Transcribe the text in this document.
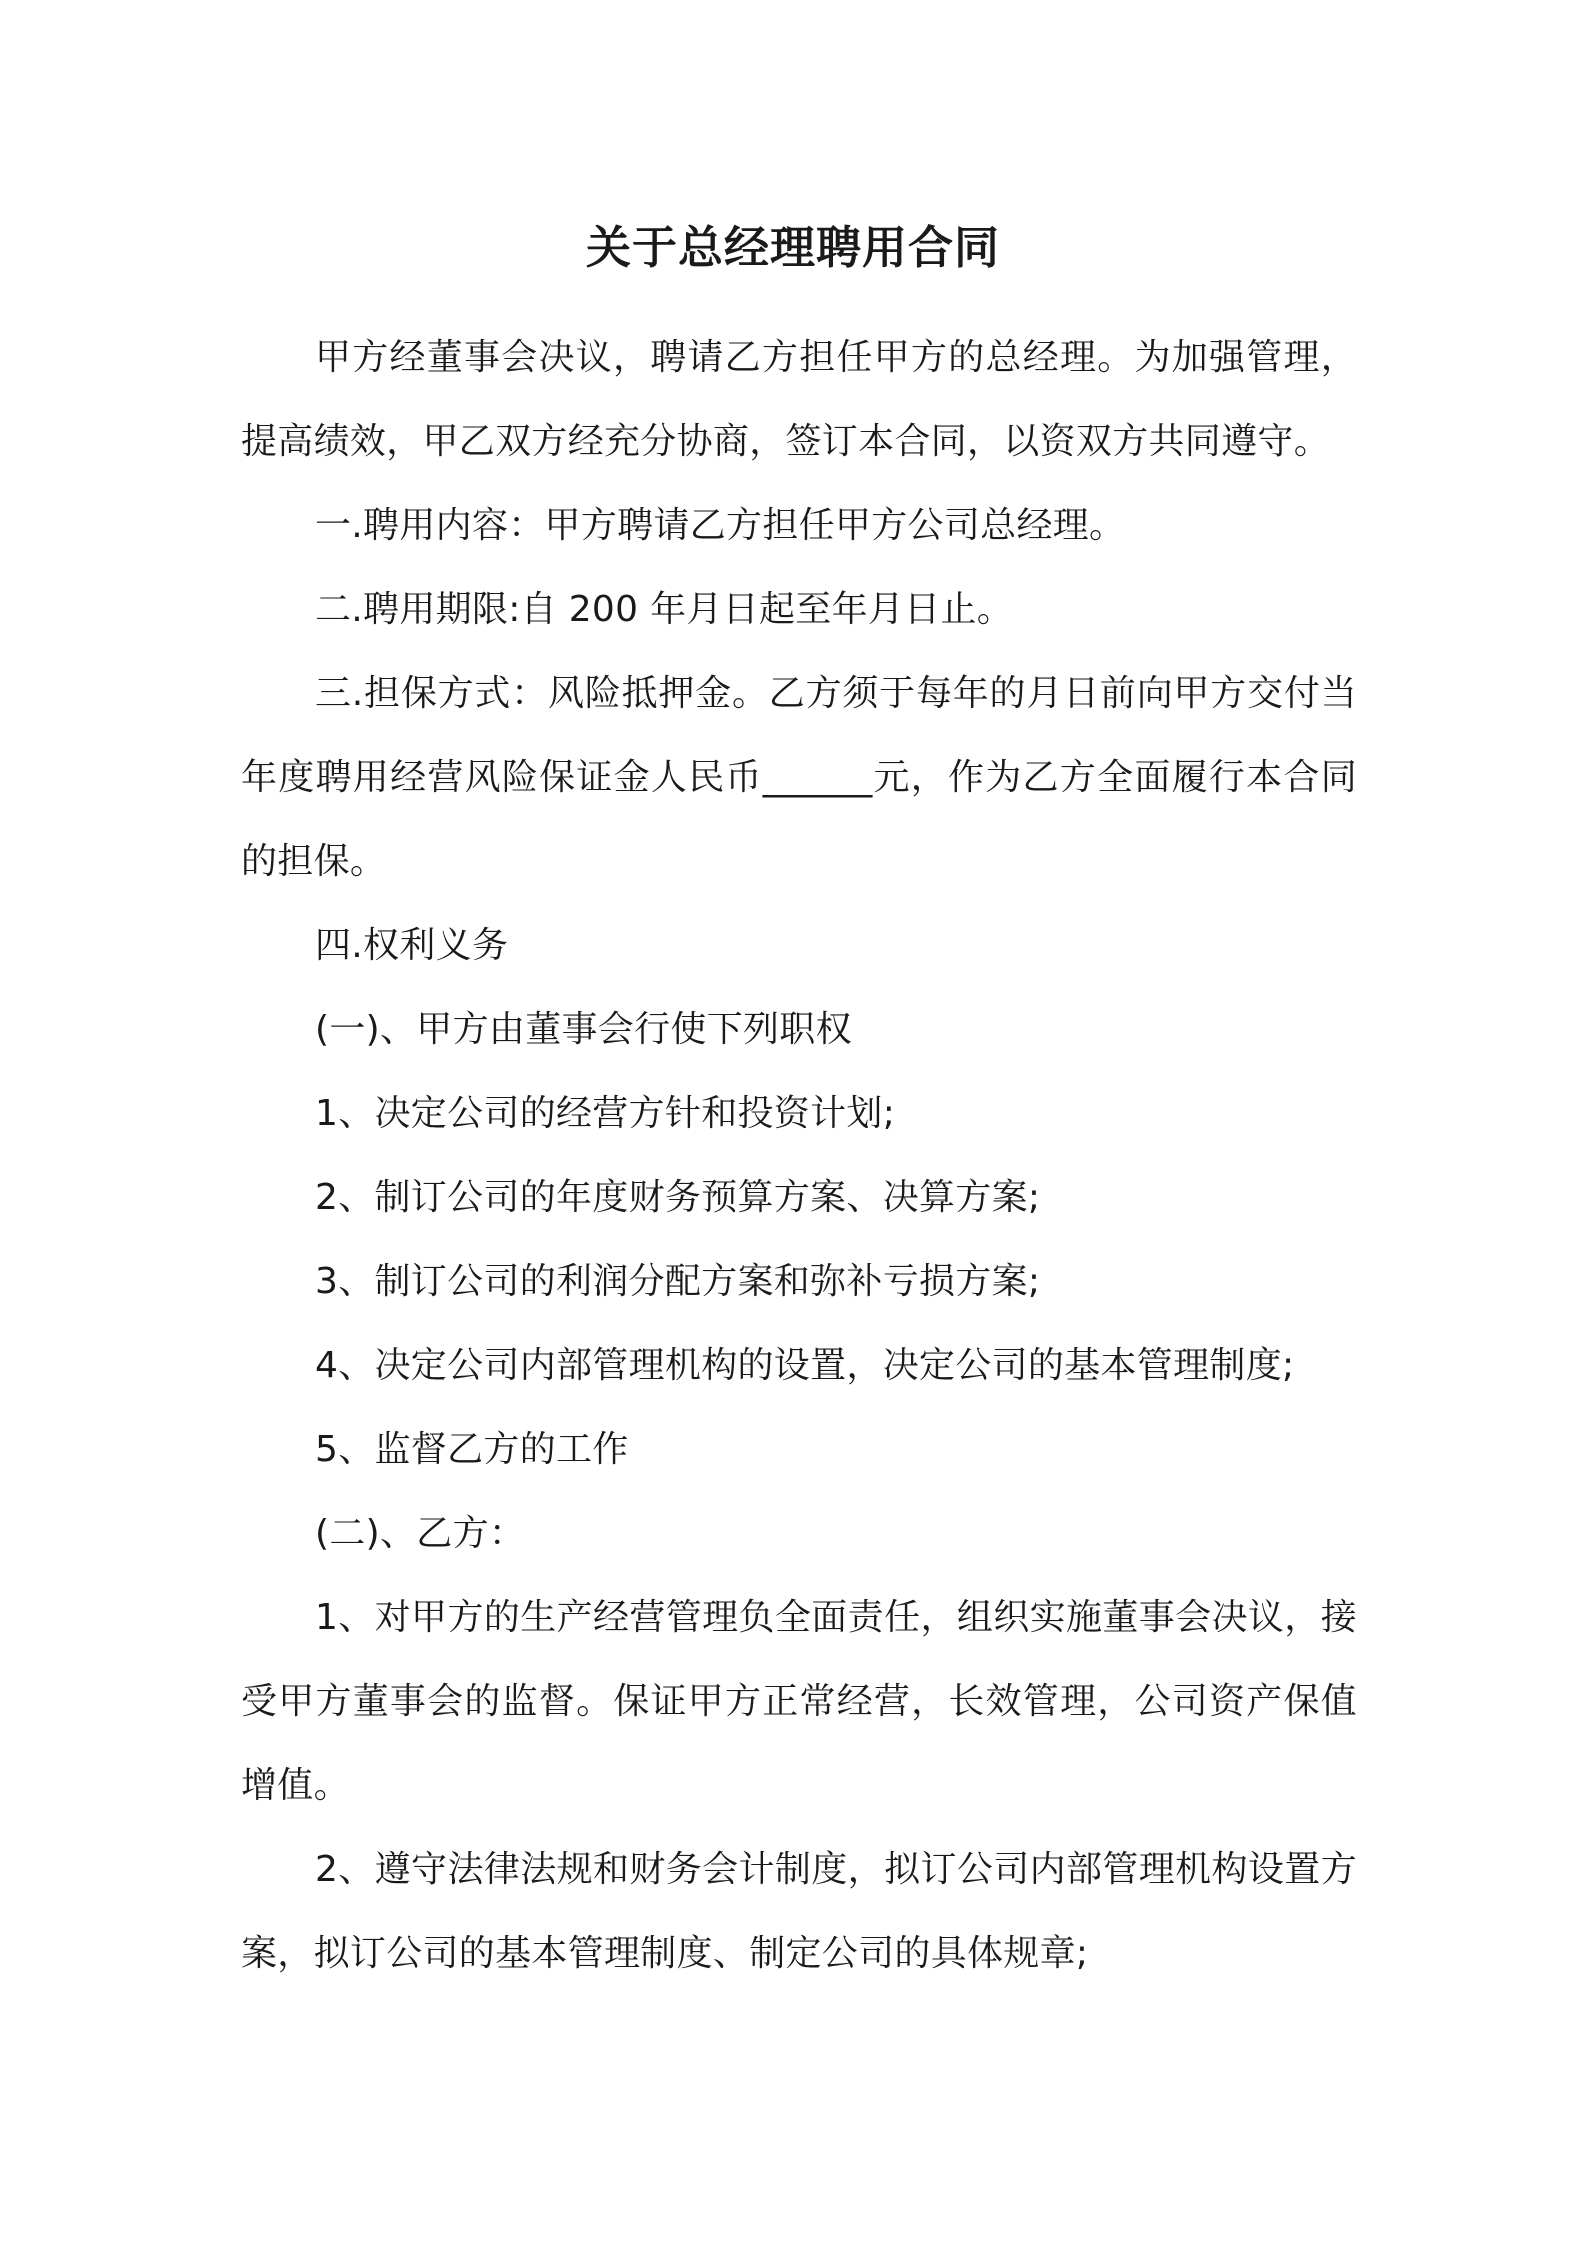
关于总经理聘用合同

甲方经董事会决议，聘请乙方担任甲方的总经理。为加强管理，提高绩效，甲乙双方经充分协商，签订本合同，以资双方共同遵守。

一.聘用内容：甲方聘请乙方担任甲方公司总经理。

二.聘用期限:自 200 年月日起至年月日止。

三.担保方式：风险抵押金。乙方须于每年的月日前向甲方交付当年度聘用经营风险保证金人民币______元，作为乙方全面履行本合同的担保。

四.权利义务

(一)、甲方由董事会行使下列职权

1、决定公司的经营方针和投资计划;

2、制订公司的年度财务预算方案、决算方案;

3、制订公司的利润分配方案和弥补亏损方案;

4、决定公司内部管理机构的设置，决定公司的基本管理制度;

5、监督乙方的工作

(二)、乙方：

1、对甲方的生产经营管理负全面责任，组织实施董事会决议，接受甲方董事会的监督。保证甲方正常经营，长效管理，公司资产保值增值。

2、遵守法律法规和财务会计制度，拟订公司内部管理机构设置方案，拟订公司的基本管理制度、制定公司的具体规章;
